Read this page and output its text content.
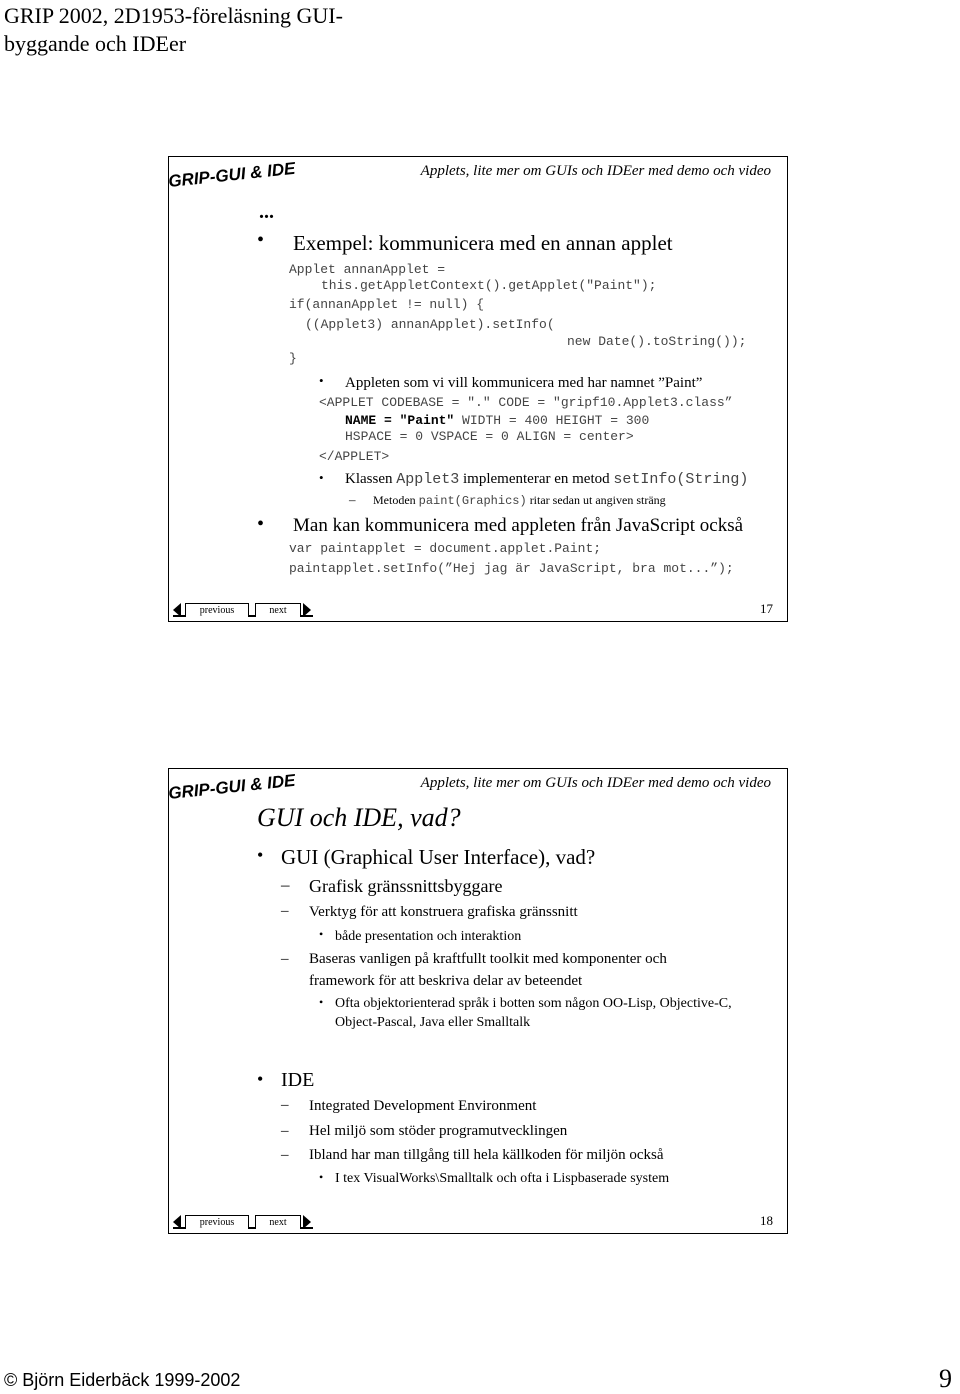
GRIP 2002, 2D1953-föreläsning GUI-
byggande och IDEer
GRIP-GUI & IDE	Applets, lite mer om GUIs och IDEer med demo och video
...
• Exempel: kommunicera med en annan applet
Applet annanApplet =
this.getAppletContext().getApplet("Paint");
if(annanApplet != null) {
((Applet3) annanApplet).setInfo(
new Date().toString());
}
• Appleten som vi vill kommunicera med har namnet ”Paint”
<APPLET CODEBASE = "." CODE = "gripf10.Applet3.class”
NAME = "Paint" WIDTH = 400 HEIGHT = 300
HSPACE = 0 VSPACE = 0 ALIGN = center>
</APPLET>
• Klassen Applet3 implementerar en metod setInfo(String)
– Metoden paint(Graphics) ritar sedan ut angiven sträng
• Man kan kommunicera med appleten från JavaScript också
var paintapplet = document.applet.Paint;
paintapplet.setInfo(”Hej jag är JavaScript, bra mot...”);
previous	next	17
GRIP-GUI & IDE	Applets, lite mer om GUIs och IDEer med demo och video
GUI och IDE, vad?
• GUI (Graphical User Interface), vad?
– Grafisk gränssnittsbyggare
– Verktyg för att konstruera grafiska gränssnitt
• både presentation och interaktion
– Baseras vanligen på kraftfullt toolkit med komponenter och
framework för att beskriva delar av beteendet
• Ofta objektorienterad språk i botten som någon OO-Lisp, Objective-C,
Object-Pascal, Java eller Smalltalk
• IDE
– Integrated Development Environment
– Hel miljö som stöder programutvecklingen
– Ibland har man tillgång till hela källkoden för miljön också
• I tex VisualWorks\Smalltalk och ofta i Lispbaserade system
previous	next	18
© Björn Eiderbäck 1999-2002	9
